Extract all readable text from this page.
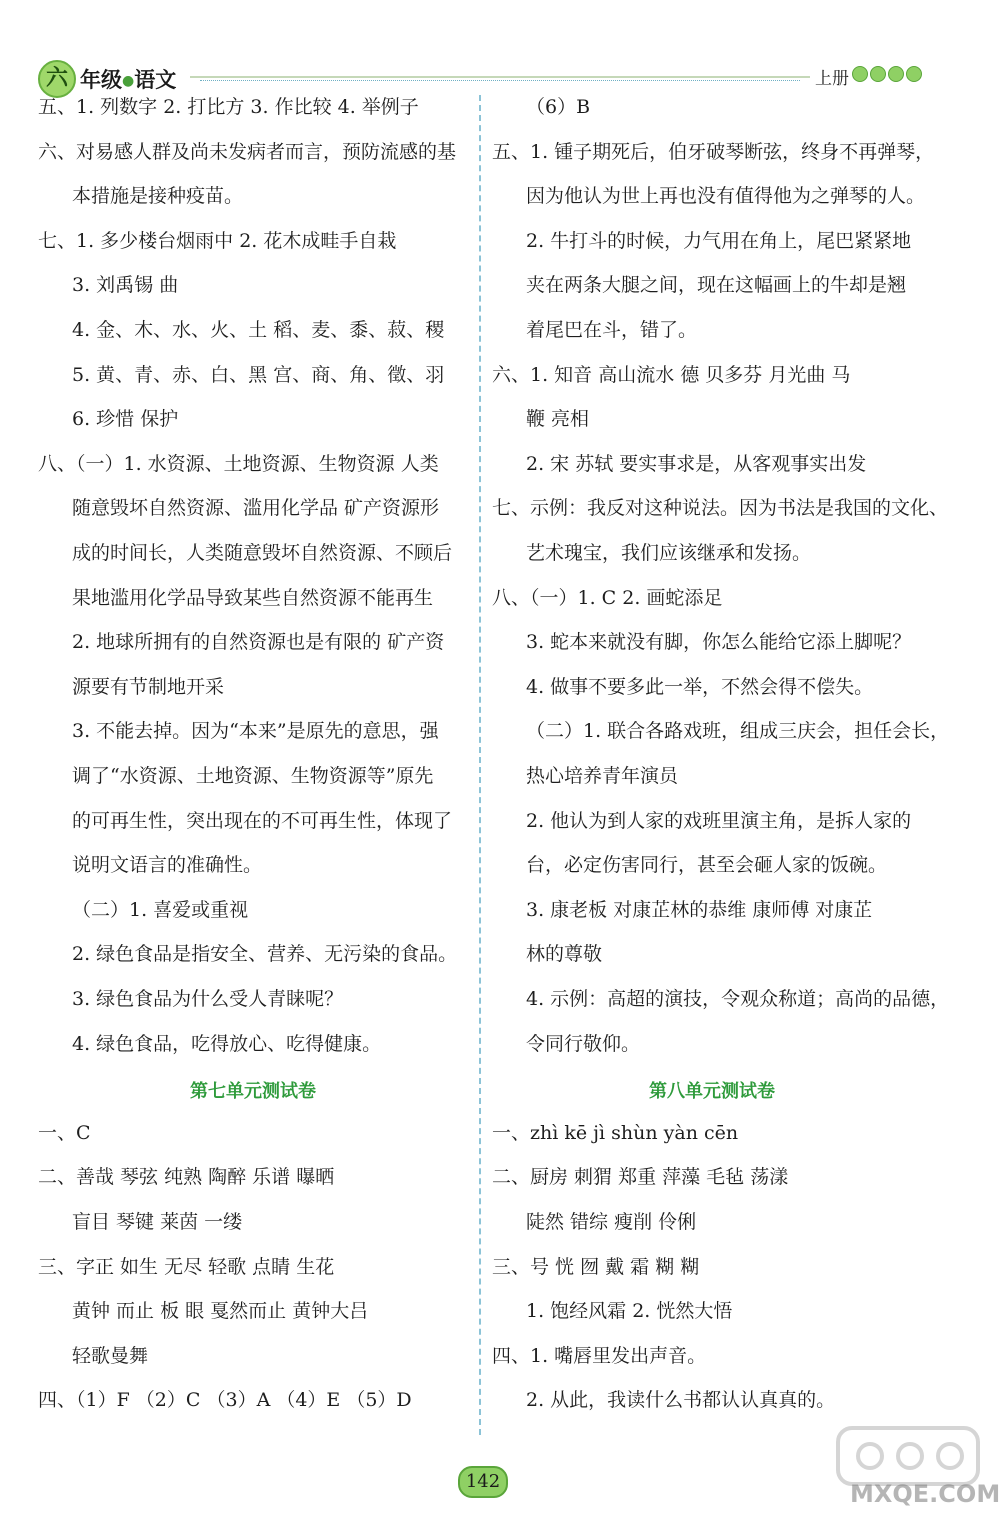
六 年级●语文	上册
五、1. 列数字 2. 打比方 3. 作比较 4. 举例子
六、对易感人群及尚未发病者而言，预防流感的基
本措施是接种疫苗。
七、1. 多少楼台烟雨中 2. 花木成畦手自栽
3. 刘禹锡 曲
4. 金、木、水、火、土 稻、麦、黍、菽、稷
5. 黄、青、赤、白、黑 宫、商、角、徵、羽
6. 珍惜 保护
八、（一）1. 水资源、土地资源、生物资源 人类
随意毁坏自然资源、滥用化学品 矿产资源形
成的时间长，人类随意毁坏自然资源、不顾后
果地滥用化学品导致某些自然资源不能再生
2. 地球所拥有的自然资源也是有限的 矿产资
源要有节制地开采
3. 不能去掉。因为“本来”是原先的意思，强
调了“水资源、土地资源、生物资源等”原先
的可再生性，突出现在的不可再生性，体现了
说明文语言的准确性。
（二）1. 喜爱或重视
2. 绿色食品是指安全、营养、无污染的食品。
3. 绿色食品为什么受人青睐呢？
4. 绿色食品，吃得放心、吃得健康。
第七单元测试卷
一、C
二、善哉 琴弦 纯熟 陶醉 乐谱 曝晒
盲目 琴键 莱茵 一缕
三、字正 如生 无尽 轻歌 点睛 生花
黄钟 而止 板 眼 戛然而止 黄钟大吕
轻歌曼舞
四、（1）F （2）C （3）A （4）E （5）D
（6）B
五、1. 锺子期死后，伯牙破琴断弦，终身不再弹琴，
因为他认为世上再也没有值得他为之弹琴的人。
2. 牛打斗的时候，力气用在角上，尾巴紧紧地
夹在两条大腿之间，现在这幅画上的牛却是翘
着尾巴在斗，错了。
六、1. 知音 高山流水 德 贝多芬 月光曲 马
鞭 亮相
2. 宋 苏轼 要实事求是，从客观事实出发
七、示例：我反对这种说法。因为书法是我国的文化、
艺术瑰宝，我们应该继承和发扬。
八、（一）1. C 2. 画蛇添足
3. 蛇本来就没有脚，你怎么能给它添上脚呢？
4. 做事不要多此一举，不然会得不偿失。
（二）1. 联合各路戏班，组成三庆会，担任会长，
热心培养青年演员
2. 他认为到人家的戏班里演主角，是拆人家的
台，必定伤害同行，甚至会砸人家的饭碗。
3. 康老板 对康芷林的恭维 康师傅 对康芷
林的尊敬
4. 示例：高超的演技，令观众称道；高尚的品德，
令同行敬仰。
第八单元测试卷
一、zhì kē jì shùn yàn cēn
二、厨房 刺猬 郑重 萍藻 毛毡 荡漾
陡然 错综 瘦削 伶俐
三、号 恍 囫 戴 霜 糊 糊
1. 饱经风霜 2. 恍然大悟
四、1. 嘴唇里发出声音。
2. 从此，我读什么书都认认真真的。
142	MXQE.COM
